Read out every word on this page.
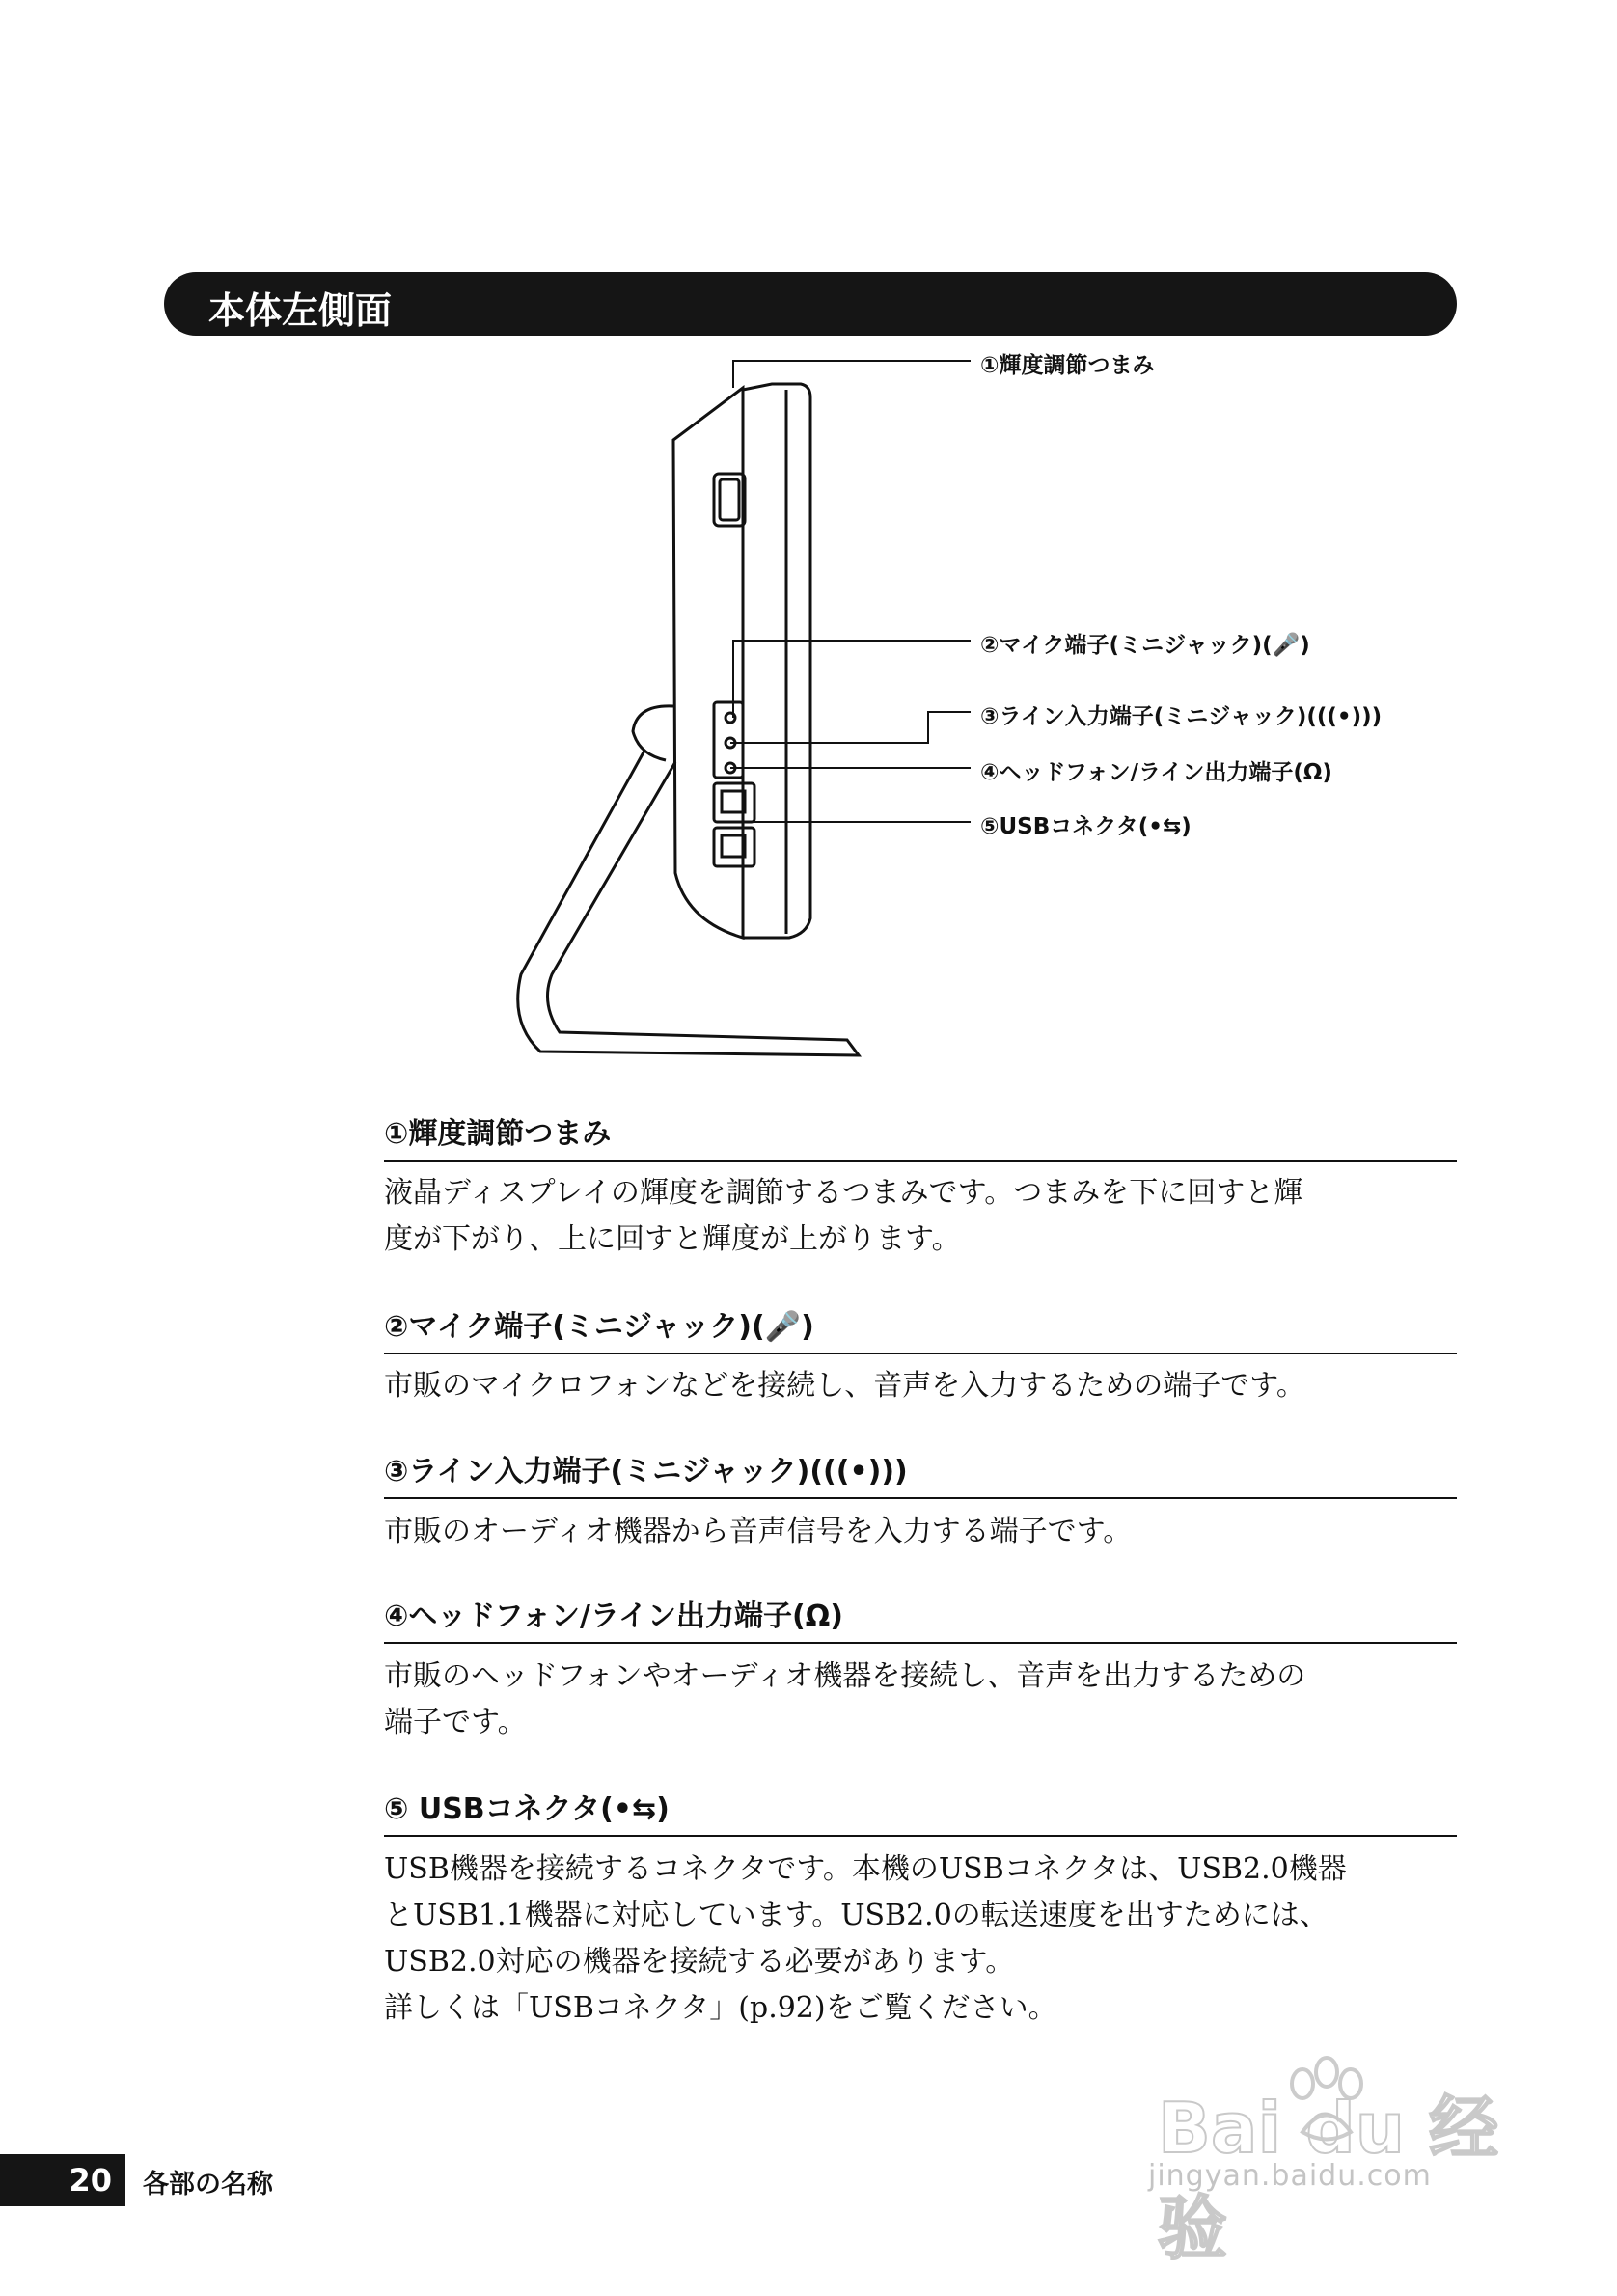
本体左側面
①輝度調節つまみ
②マイク端子(ミニジャック)(🎤)
③ライン入力端子(ミニジャック)(((•)))
④ヘッドフォン/ライン出力端子(Ω)
⑤USBコネクタ(•⇆)
①輝度調節つまみ

液晶ディスプレイの輝度を調節するつまみです。つまみを下に回すと輝

度が下がり、上に回すと輝度が上がります。

②マイク端子(ミニジャック)(🎤)

市販のマイクロフォンなどを接続し、音声を入力するための端子です。

③ライン入力端子(ミニジャック)(((•)))

市販のオーディオ機器から音声信号を入力する端子です。

④ヘッドフォン/ライン出力端子(Ω)

市販のヘッドフォンやオーディオ機器を接続し、音声を出力するための

端子です。

⑤ USBコネクタ(•⇆)

USB機器を接続するコネクタです。本機のUSBコネクタは、USB2.0機器

とUSB1.1機器に対応しています。USB2.0の転送速度を出すためには、

USB2.0対応の機器を接続する必要があります。

詳しくは「USBコネクタ」(p.92)をご覧ください。

Bai du 经验
jingyan.baidu.com
20 各部の名称
